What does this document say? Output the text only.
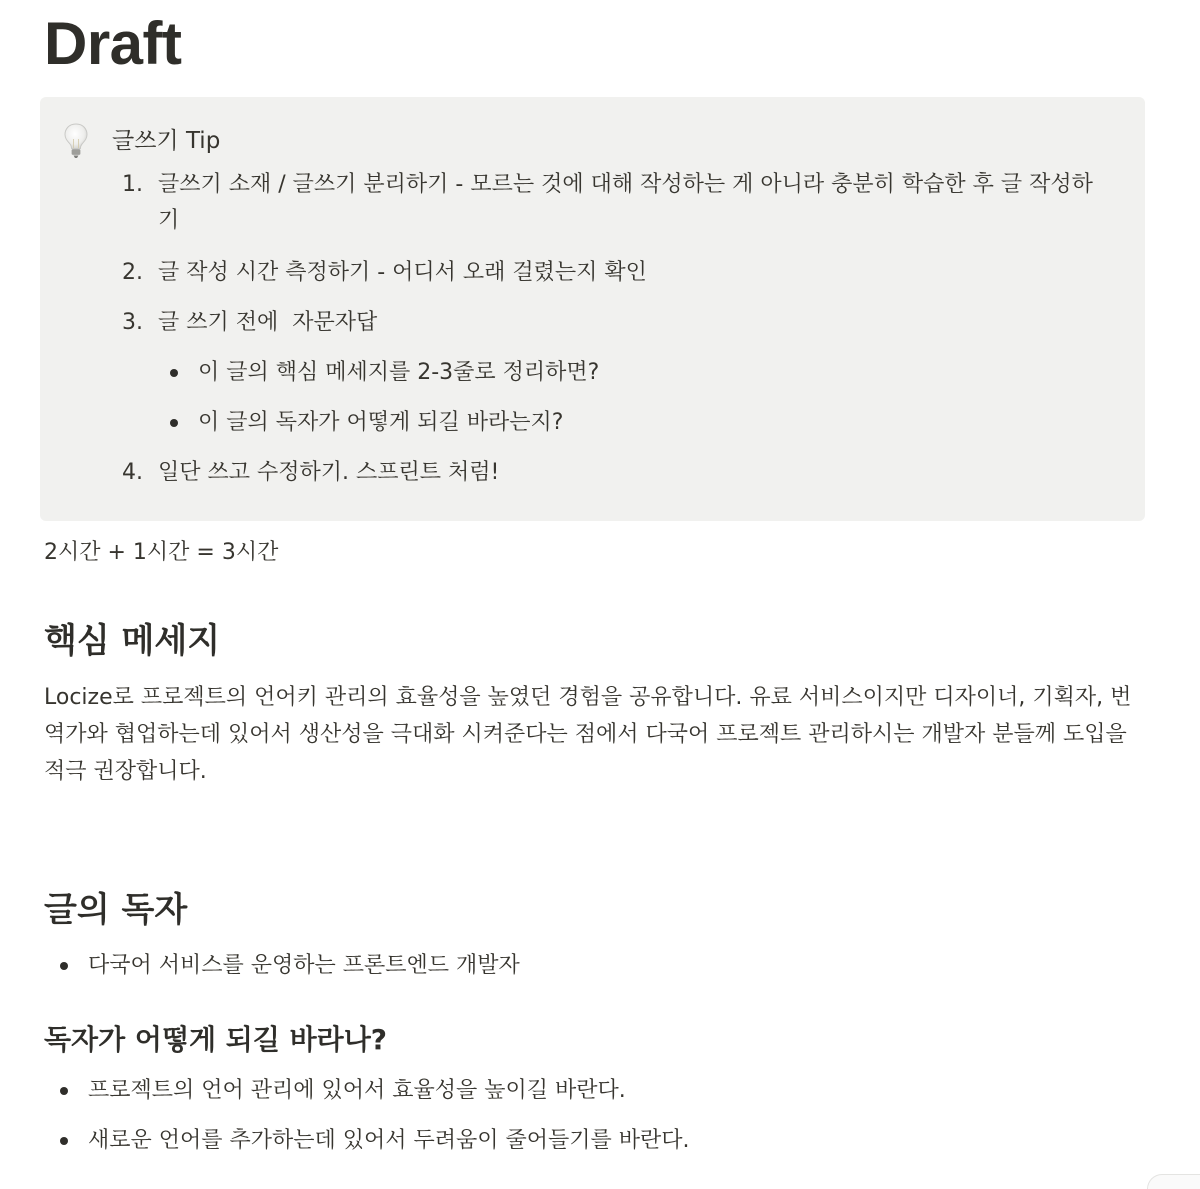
Draft
글쓰기 Tip
1. 글쓰기 소재 / 글쓰기 분리하기 - 모르는 것에 대해 작성하는 게 아니라 충분히 학습한 후 글 작성하기
2. 글 작성 시간 측정하기 - 어디서 오래 걸렸는지 확인
3. 글 쓰기 전에  자문자답
이 글의 핵심 메세지를 2-3줄로 정리하면?
이 글의 독자가 어떻게 되길 바라는지?
4. 일단 쓰고 수정하기. 스프린트 처럼!
2시간 + 1시간 = 3시간
핵심 메세지
Locize로 프로젝트의 언어키 관리의 효율성을 높였던 경험을 공유합니다. 유료 서비스이지만 디자이너, 기획자, 번역가와 협업하는데 있어서 생산성을 극대화 시켜준다는 점에서 다국어 프로젝트 관리하시는 개발자 분들께 도입을 적극 권장합니다.
글의 독자
다국어 서비스를 운영하는 프론트엔드 개발자
독자가 어떻게 되길 바라나?
프로젝트의 언어 관리에 있어서 효율성을 높이길 바란다.
새로운 언어를 추가하는데 있어서 두려움이 줄어들기를 바란다.
